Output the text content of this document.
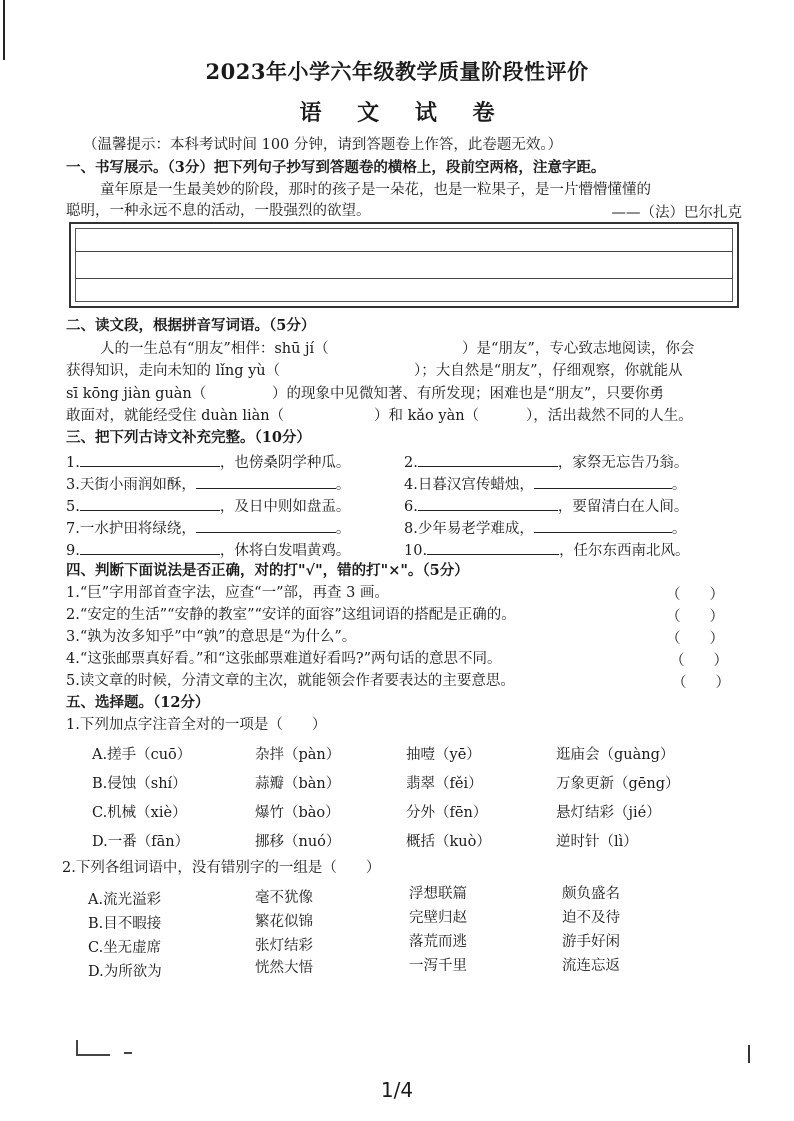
2023年小学六年级教学质量阶段性评价
语 文 试 卷
（温馨提示：本科考试时间 100 分钟，请到答题卷上作答，此卷题无效。）
一、书写展示。（3分）把下列句子抄写到答题卷的横格上，段前空两格，注意字距。
童年原是一生最美妙的阶段，那时的孩子是一朵花，也是一粒果子，是一片懵懵懂懂的
聪明，一种永远不息的活动，一股强烈的欲望。	——（法）巴尔扎克
二、读文段，根据拼音写词语。（5分）
人的一生总有“朋友”相伴：shū jí（	）是“朋友”，专心致志地阅读，你会
获得知识，走向未知的 lǐng yù（	）；大自然是“朋友”，仔细观察，你就能从
sī kōng jiàn guàn（	）的现象中见微知著、有所发现；困难也是“朋友”，只要你勇
敢面对，就能经受住 duàn liàn（	）和 kǎo yàn（	），活出裁然不同的人生。
三、把下列古诗文补充完整。（10分）
1.	，也傍桑阴学种瓜。	2.	，家祭无忘告乃翁。
3.天街小雨润如酥，	。	4.日暮汉宫传蜡烛，	。
5.	，及日中则如盘盂。	6.	，要留清白在人间。
7.一水护田将绿绕，	。	8.少年易老学难成，	。
9.	，休将白发唱黄鸡。	10.	，任尔东西南北风。
四、判断下面说法是否正确，对的打"√"，错的打"×"。（5分）
1.“巨”字用部首查字法，应查“一”部，再查 3 画。	（　　）
2.“安定的生活”“安静的教室”“安详的面容”这组词语的搭配是正确的。	（　　）
3.“孰为汝多知乎”中“孰”的意思是“为什么”。	（　　）
4.“这张邮票真好看。”和“这张邮票难道好看吗?”两句话的意思不同。	（　　）
5.读文章的时候，分清文章的主次，就能领会作者要表达的主要意思。	（　　）
五、选择题。（12分）
1.下列加点字注音全对的一项是（　　）
A.搓手（cuō）	杂拌（pàn）	抽噎（yē）	逛庙会（guàng）
B.侵蚀（shí）	蒜瓣（bàn）	翡翠（fěi）	万象更新（gēng）
C.机械（xiè）	爆竹（bào）	分外（fēn）	悬灯结彩（jié）
D.一番（fān）	挪移（nuó）	概括（kuò）	逆时针（lì）
2.下列各组词语中，没有错别字的一组是（　　）
A.流光溢彩	毫不犹像	浮想联篇	颇负盛名
B.目不暇接	繁花似锦	完壁归赵	迫不及待
C.坐无虚席	张灯结彩	落荒而逃	游手好闲
D.为所欲为	恍然大悟	一泻千里	流连忘返
1/4
